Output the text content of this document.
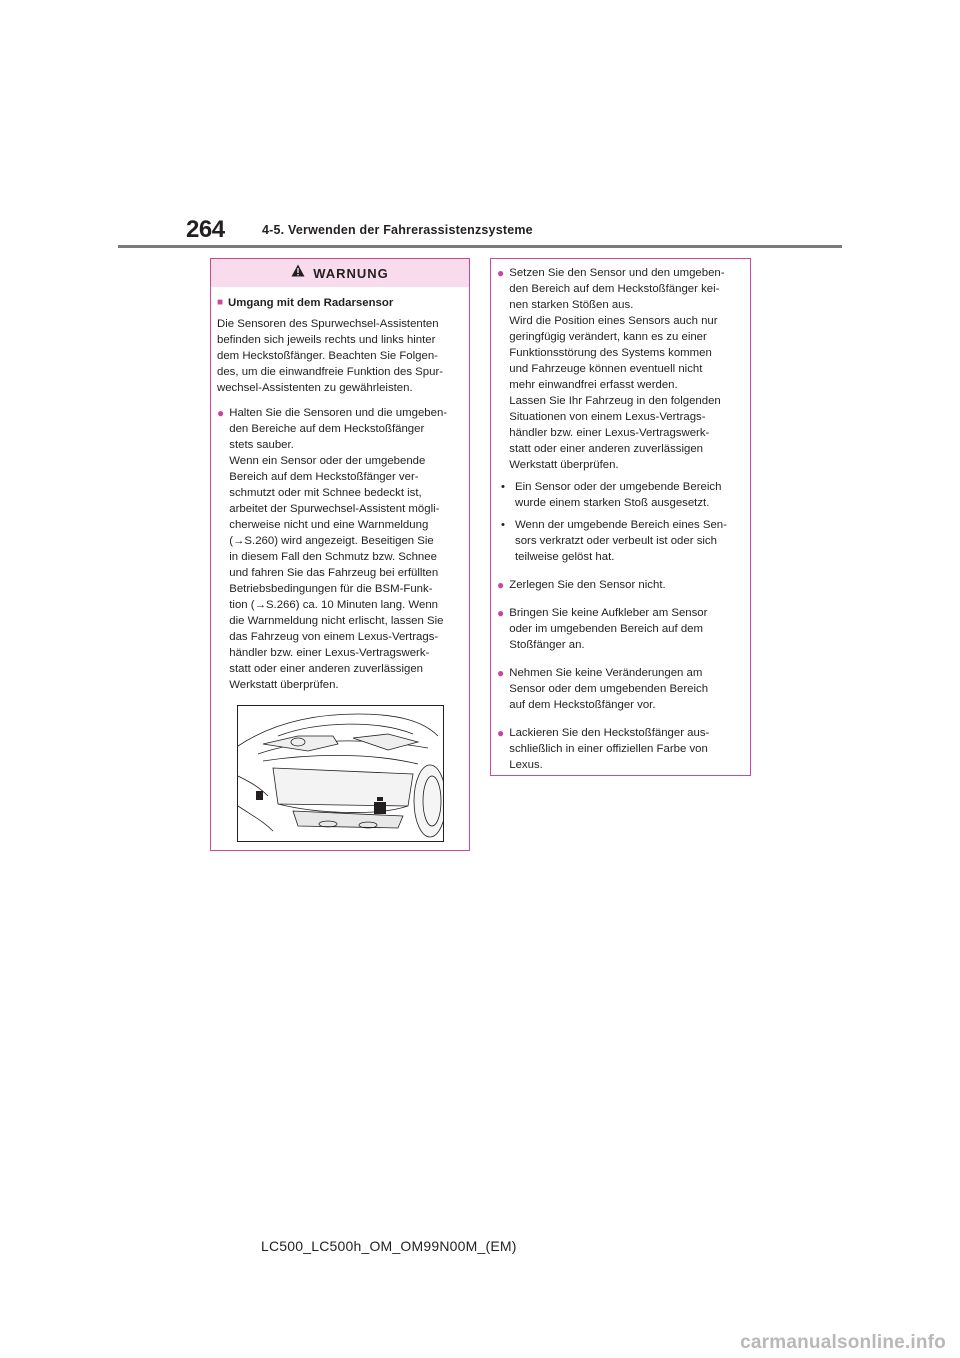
264	4-5. Verwenden der Fahrerassistenzsysteme
WARNUNG
■ Umgang mit dem Radarsensor
Die Sensoren des Spurwechsel-Assistenten
befinden sich jeweils rechts und links hinter
dem Heckstoßfänger. Beachten Sie Folgen-
des, um die einwandfreie Funktion des Spur-
wechsel-Assistenten zu gewährleisten.
● Halten Sie die Sensoren und die umgeben-
den Bereiche auf dem Heckstoßfänger
stets sauber.
Wenn ein Sensor oder der umgebende
Bereich auf dem Heckstoßfänger ver-
schmutzt oder mit Schnee bedeckt ist,
arbeitet der Spurwechsel-Assistent mögli-
cherweise nicht und eine Warnmeldung
(→S.260) wird angezeigt. Beseitigen Sie
in diesem Fall den Schmutz bzw. Schnee
und fahren Sie das Fahrzeug bei erfüllten
Betriebsbedingungen für die BSM-Funk-
tion (→S.266) ca. 10 Minuten lang. Wenn
die Warnmeldung nicht erlischt, lassen Sie
das Fahrzeug von einem Lexus-Vertrags-
händler bzw. einer Lexus-Vertragswerk-
statt oder einer anderen zuverlässigen
Werkstatt überprüfen.
● Setzen Sie den Sensor und den umgeben-
den Bereich auf dem Heckstoßfänger kei-
nen starken Stößen aus.
Wird die Position eines Sensors auch nur
geringfügig verändert, kann es zu einer
Funktionsstörung des Systems kommen
und Fahrzeuge können eventuell nicht
mehr einwandfrei erfasst werden.
Lassen Sie Ihr Fahrzeug in den folgenden
Situationen von einem Lexus-Vertrags-
händler bzw. einer Lexus-Vertragswerk-
statt oder einer anderen zuverlässigen
Werkstatt überprüfen.
• Ein Sensor oder der umgebende Bereich
wurde einem starken Stoß ausgesetzt.
• Wenn der umgebende Bereich eines Sen-
sors verkratzt oder verbeult ist oder sich
teilweise gelöst hat.
● Zerlegen Sie den Sensor nicht.
● Bringen Sie keine Aufkleber am Sensor
oder im umgebenden Bereich auf dem
Stoßfänger an.
● Nehmen Sie keine Veränderungen am
Sensor oder dem umgebenden Bereich
auf dem Heckstoßfänger vor.
● Lackieren Sie den Heckstoßfänger aus-
schließlich in einer offiziellen Farbe von
Lexus.
LC500_LC500h_OM_OM99N00M_(EM)
carmanualsonline.info
